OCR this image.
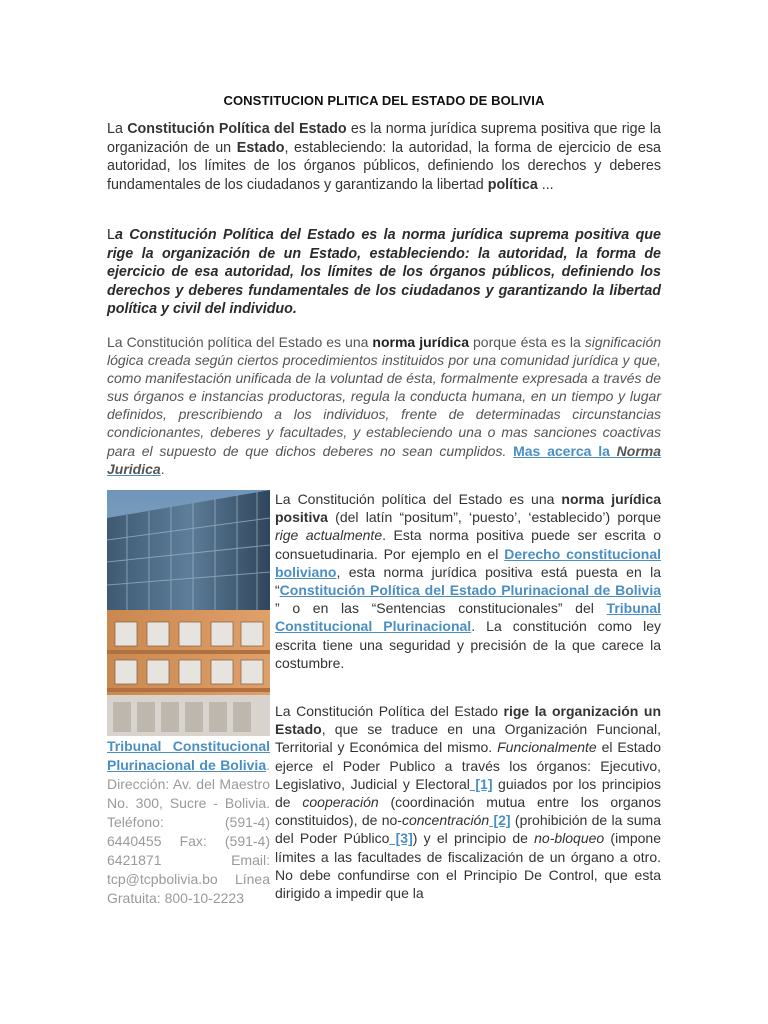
CONSTITUCION PLITICA DEL ESTADO DE BOLIVIA

La Constitución Política del Estado es la norma jurídica suprema positiva que rige la organización de un Estado, estableciendo: la autoridad, la forma de ejercicio de esa autoridad, los límites de los órganos públicos, definiendo los derechos y deberes fundamentales de los ciudadanos y garantizando la libertad política ...

La Constitución Política del Estado es la norma jurídica suprema positiva que rige la organización de un Estado, estableciendo: la autoridad, la forma de ejercicio de esa autoridad, los límites de los órganos públicos, definiendo los derechos y deberes fundamentales de los ciudadanos y garantizando la libertad política y civil del individuo.

La Constitución política del Estado es una norma jurídica porque ésta es la significación lógica creada según ciertos procedimientos instituidos por una comunidad jurídica y que, como manifestación unificada de la voluntad de ésta, formalmente expresada a través de sus órganos e instancias productoras, regula la conducta humana, en un tiempo y lugar definidos, prescribiendo a los individuos, frente de determinadas circunstancias condicionantes, deberes y facultades, y estableciendo una o mas sanciones coactivas para el supuesto de que dichos deberes no sean cumplidos. Mas acerca la Norma Juridica.

Tribunal Constitucional Plurinacional de Bolivia. Dirección: Av. del Maestro No. 300, Sucre - Bolivia. Teléfono: (591-4) 6440455 Fax: (591-4) 6421871 Email: tcp@tcpbolivia.bo Línea Gratuita: 800-10-2223

La Constitución política del Estado es una norma jurídica positiva (del latín “positum”, ‘puesto’, ‘establecido’) porque rige actualmente. Esta norma positiva puede ser escrita o consuetudinaria. Por ejemplo en el Derecho constitucional boliviano, esta norma jurídica positiva está puesta en la “Constitución Política del Estado Plurinacional de Bolivia ” o en las “Sentencias constitucionales” del Tribunal Constitucional Plurinacional. La constitución como ley escrita tiene una seguridad y precisión de la que carece la costumbre.

La Constitución Política del Estado rige la organización un Estado, que se traduce en una Organización Funcional, Territorial y Económica del mismo. Funcionalmente el Estado ejerce el Poder Publico a través los órganos: Ejecutivo, Legislativo, Judicial y Electoral [1] guiados por los principios de cooperación (coordinación mutua entre los organos constituidos), de no-concentración [2] (prohibición de la suma del Poder Público [3]) y el principio de no-bloqueo (impone límites a las facultades de fiscalización de un órgano a otro. No debe confundirse con el Principio De Control, que esta dirigido a impedir que la
